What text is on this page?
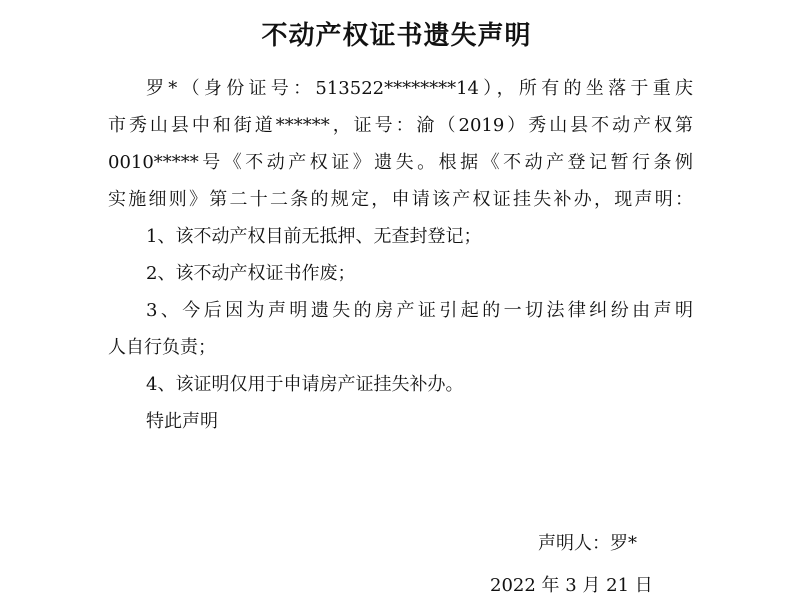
不动产权证书遗失声明
罗*（身份证号：513522********14），所有的坐落于重庆
市秀山县中和街道******，证号：渝（2019）秀山县不动产权第
0010*****号《不动产权证》遗失。根据《不动产登记暂行条例
实施细则》第二十二条的规定，申请该产权证挂失补办，现声明：
1、该不动产权目前无抵押、无查封登记；
2、该不动产权证书作废；
3、今后因为声明遗失的房产证引起的一切法律纠纷由声明
人自行负责；
4、该证明仅用于申请房产证挂失补办。
特此声明
声明人：罗*
2022 年 3 月 21 日
